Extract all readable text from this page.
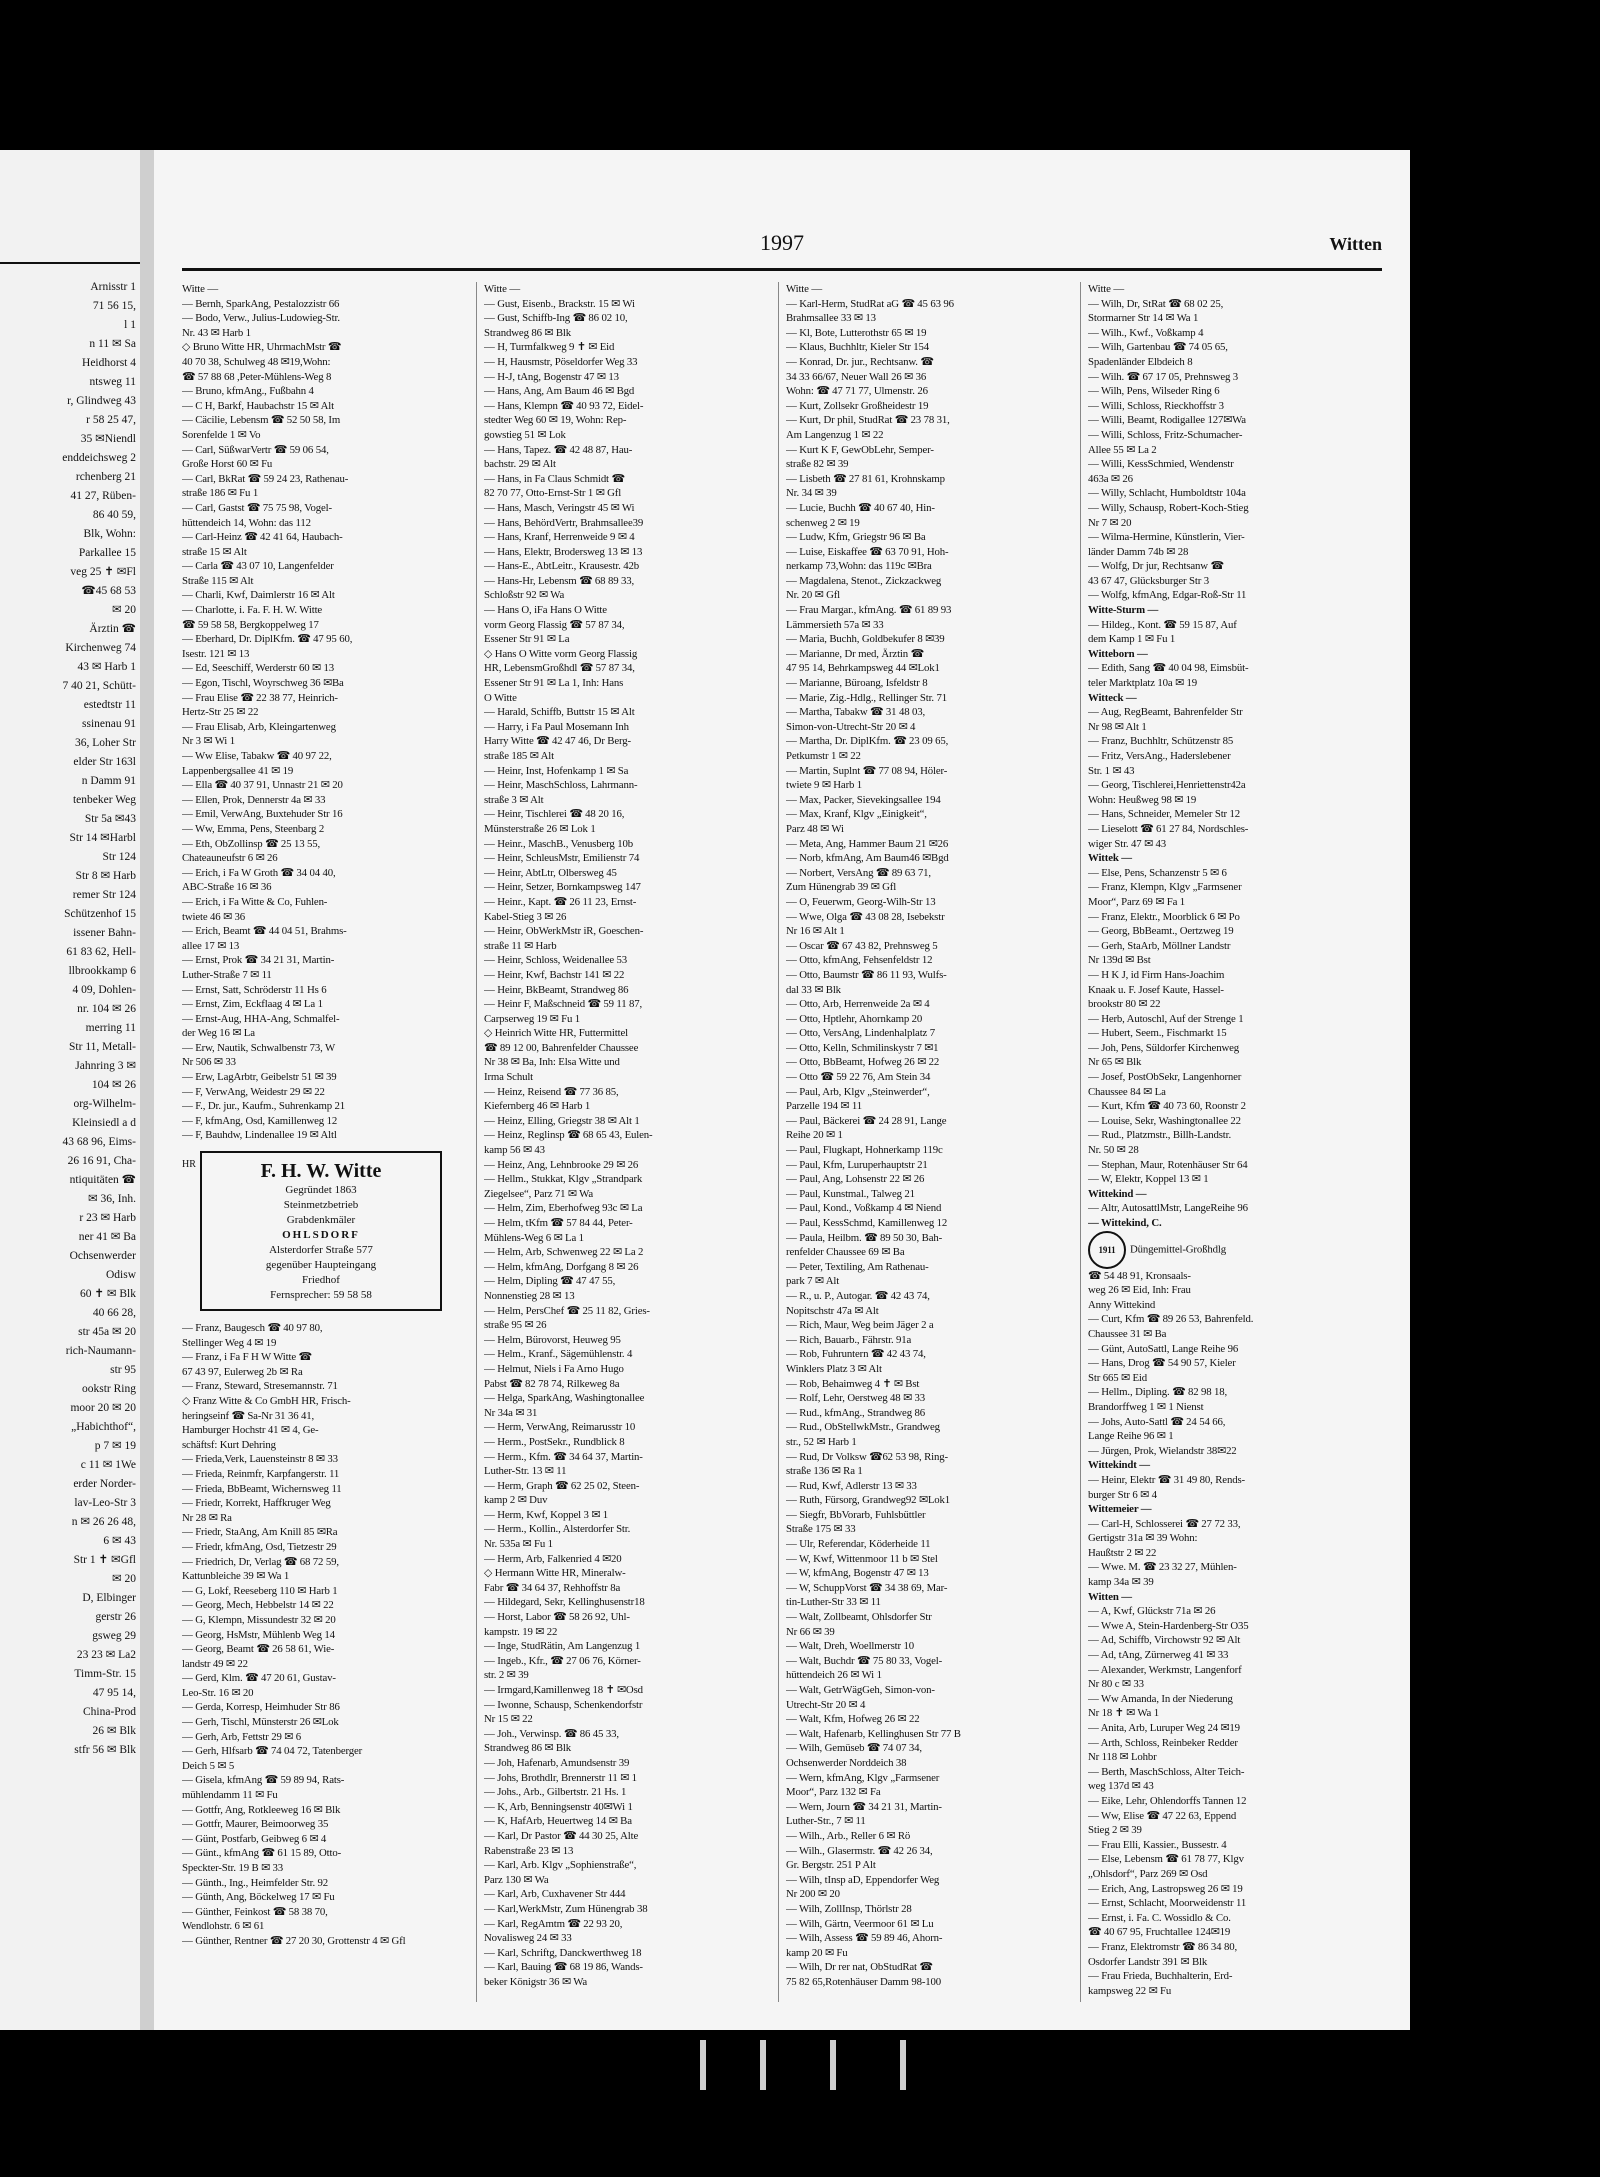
Arnisstr 1
71 56 15,
l 1
n 11 ✉ Sa
Heidhorst 4
ntsweg 11
r, Glindweg 43
r 58 25 47,
35 ✉Niendl
enddeichsweg 2
rchenberg 21
41 27, Rüben-
86 40 59,
Blk, Wohn:
Parkallee 15
veg 25 ✝ ✉Fl
☎45 68 53
✉ 20
Ärztin ☎
Kirchenweg 74
43 ✉ Harb 1
7 40 21, Schütt-
estedtstr 11
ssinenau 91
36, Loher Str
elder Str 163l
n Damm 91
tenbeker Weg
Str 5a ✉43
Str 14 ✉Harbl
Str 124
Str 8 ✉ Harb
remer Str 124
Schützenhof 15
issener Bahn-
61 83 62, Hell-
llbrookkamp 6
4 09, Dohlen-
nr. 104 ✉ 26
merring 11
Str 11, Metall-
Jahnring 3 ✉
104 ✉ 26
org-Wilhelm-
Kleinsiedl a d
43 68 96, Eims-
26 16 91, Cha-
ntiquitäten ☎
✉ 36, Inh.
r 23 ✉ Harb
ner 41 ✉ Ba
Ochsenwerder
Odisw
60 ✝ ✉ Blk
40 66 28,
str 45a ✉ 20
rich-Naumann-
str 95
ookstr Ring
moor 20 ✉ 20
„Habichthof“,
p 7 ✉ 19
c 11 ✉ 1We
erder Norder-
lav-Leo-Str 3
n ✉ 26 26 48,
6 ✉ 43
Str 1 ✝ ✉Gfl
✉ 20
D, Elbinger
gerstr 26
gsweg 29
23 23 ✉ La2
Timm-Str. 15
47 95 14,
China-Prod
26 ✉ Blk
stfr 56 ✉ Blk
1997	Witten
Witte —
— Bernh, SparkAng, Pestalozzistr 66
— Bodo, Verw., Julius-Ludowieg-Str.
Nr. 43 ✉ Harb 1
◇ Bruno Witte HR, UhrmachMstr ☎
40 70 38, Schulweg 48 ✉19,Wohn:
☎ 57 88 68 ,Peter-Mühlens-Weg 8
— Bruno, kfmAng., Fußbahn 4
— C H, Barkf, Haubachstr 15 ✉ Alt
— Cäcilie, Lebensm ☎ 52 50 58, Im
Sorenfelde 1 ✉ Vo
— Carl, SüßwarVertr ☎ 59 06 54,
Große Horst 60 ✉ Fu
— Carl, BkRat ☎ 59 24 23, Rathenau-
straße 186 ✉ Fu 1
— Carl, Gastst ☎ 75 75 98, Vogel-
hüttendeich 14, Wohn: das 112
— Carl-Heinz ☎ 42 41 64, Haubach-
straße 15 ✉ Alt
— Carla ☎ 43 07 10, Langenfelder
Straße 115 ✉ Alt
— Charli, Kwf, Daimlerstr 16 ✉ Alt
— Charlotte, i. Fa. F. H. W. Witte
☎ 59 58 58, Bergkoppelweg 17
— Eberhard, Dr. DiplKfm. ☎ 47 95 60,
Isestr. 121 ✉ 13
— Ed, Seeschiff, Werderstr 60 ✉ 13
— Egon, Tischl, Woyrschweg 36 ✉Ba
— Frau Elise ☎ 22 38 77, Heinrich-
Hertz-Str 25 ✉ 22
— Frau Elisab, Arb, Kleingartenweg
Nr 3 ✉ Wi 1
— Ww Elise, Tabakw ☎ 40 97 22,
Lappenbergsallee 41 ✉ 19
— Ella ☎ 40 37 91, Unnastr 21 ✉ 20
— Ellen, Prok, Dennerstr 4a ✉ 33
— Emil, VerwAng, Buxtehuder Str 16
— Ww, Emma, Pens, Steenbarg 2
— Eth, ObZollinsp ☎ 25 13 55,
Chateauneufstr 6 ✉ 26
— Erich, i Fa W Groth ☎ 34 04 40,
ABC-Straße 16 ✉ 36
— Erich, i Fa Witte & Co, Fuhlen-
twiete 46 ✉ 36
— Erich, Beamt ☎ 44 04 51, Brahms-
allee 17 ✉ 13
— Ernst, Prok ☎ 34 21 31, Martin-
Luther-Straße 7 ✉ 11
— Ernst, Satt, Schröderstr 11 Hs 6
— Ernst, Zim, Eckflaag 4 ✉ La 1
— Ernst-Aug, HHA-Ang, Schmalfel-
der Weg 16 ✉ La
— Erw, Nautik, Schwalbenstr 73, W
Nr 506 ✉ 33
— Erw, LagArbtr, Geibelstr 51 ✉ 39
— F, VerwAng, Weidestr 29 ✉ 22
— F., Dr. jur., Kaufm., Suhrenkamp 21
— F, kfmAng, Osd, Kamillenweg 12
— F, Bauhdw, Lindenallee 19 ✉ Altl
HR	F. H. W. Witte
Gegründet 1863
Steinmetzbetrieb
Grabdenkmäler
OHLSDORF
Alsterdorfer Straße 577
gegenüber Haupteingang
Friedhof
Fernsprecher: 59 58 58
— Franz, Baugesch ☎ 40 97 80,
Stellinger Weg 4 ✉ 19
— Franz, i Fa F H W Witte ☎
67 43 97, Eulerweg 2b ✉ Ra
— Franz, Steward, Stresemannstr. 71
◇ Franz Witte & Co GmbH HR, Frisch-
heringseinf ☎ Sa-Nr 31 36 41,
Hamburger Hochstr 41 ✉ 4, Ge-
schäftsf: Kurt Dehring
— Frieda,Verk, Lauensteinstr 8 ✉ 33
— Frieda, Reinmfr, Karpfangerstr. 11
— Frieda, BbBeamt, Wichernsweg 11
— Friedr, Korrekt, Haffkruger Weg
Nr 28 ✉ Ra
— Friedr, StaAng, Am Knill 85 ✉Ra
— Friedr, kfmAng, Osd, Tietzestr 29
— Friedrich, Dr, Verlag ☎ 68 72 59,
Kattunbleiche 39 ✉ Wa 1
— G, Lokf, Reeseberg 110 ✉ Harb 1
— Georg, Mech, Hebbelstr 14 ✉ 22
— G, Klempn, Missundestr 32 ✉ 20
— Georg, HsMstr, Mühlenb Weg 14
— Georg, Beamt ☎ 26 58 61, Wie-
landstr 49 ✉ 22
— Gerd, Klm. ☎ 47 20 61, Gustav-
Leo-Str. 16 ✉ 20
— Gerda, Korresp, Heimhuder Str 86
— Gerh, Tischl, Münsterstr 26 ✉Lok
— Gerh, Arb, Fettstr 29 ✉ 6
— Gerh, Hlfsarb ☎ 74 04 72, Tatenberger
Deich 5 ✉ 5
— Gisela, kfmAng ☎ 59 89 94, Rats-
mühlendamm 11 ✉ Fu
— Gottfr, Ang, Rotkleeweg 16 ✉ Blk
— Gottfr, Maurer, Beimoorweg 35
— Günt, Postfarb, Geibweg 6 ✉ 4
— Günt., kfmAng ☎ 61 15 89, Otto-
Speckter-Str. 19 B ✉ 33
— Günth., Ing., Heimfelder Str. 92
— Günth, Ang, Böckelweg 17 ✉ Fu
— Günther, Feinkost ☎ 58 38 70,
Wendlohstr. 6 ✉ 61
— Günther, Rentner ☎ 27 20 30, Grottenstr 4 ✉ Gfl
Witte —
— Gust, Eisenb., Brackstr. 15 ✉ Wi
— Gust, Schiffb-Ing ☎ 86 02 10,
Strandweg 86 ✉ Blk
— H, Turmfalkweg 9 ✝ ✉ Eid
— H, Hausmstr, Pöseldorfer Weg 33
— H-J, tAng, Bogenstr 47 ✉ 13
— Hans, Ang, Am Baum 46 ✉ Bgd
— Hans, Klempn ☎ 40 93 72, Eidel-
stedter Weg 60 ✉ 19, Wohn: Rep-
gowstieg 51 ✉ Lok
— Hans, Tapez. ☎ 42 48 87, Hau-
bachstr. 29 ✉ Alt
— Hans, in Fa Claus Schmidt ☎
82 70 77, Otto-Ernst-Str 1 ✉ Gfl
— Hans, Masch, Veringstr 45 ✉ Wi
— Hans, BehördVertr, Brahmsallee39
— Hans, Kranf, Herrenweide 9 ✉ 4
— Hans, Elektr, Brodersweg 13 ✉ 13
— Hans-E., AbtLeitr., Krausestr. 42b
— Hans-Hr, Lebensm ☎ 68 89 33,
Schloßstr 92 ✉ Wa
— Hans O, iFa Hans O Witte
vorm Georg Flassig ☎ 57 87 34,
Essener Str 91 ✉ La
◇ Hans O Witte vorm Georg Flassig
HR, LebensmGroßhdl ☎ 57 87 34,
Essener Str 91 ✉ La 1, Inh: Hans
O Witte
— Harald, Schiffb, Buttstr 15 ✉ Alt
— Harry, i Fa Paul Mosemann Inh
Harry Witte ☎ 42 47 46, Dr Berg-
straße 185 ✉ Alt
— Heinr, Inst, Hofenkamp 1 ✉ Sa
— Heinr, MaschSchloss, Lahrmann-
straße 3 ✉ Alt
— Heinr, Tischlerei ☎ 48 20 16,
Münsterstraße 26 ✉ Lok 1
— Heinr., MaschB., Venusberg 10b
— Heinr, SchleusMstr, Emilienstr 74
— Heinr, AbtLtr, Olbersweg 45
— Heinr, Setzer, Bornkampsweg 147
— Heinr., Kapt. ☎ 26 11 23, Ernst-
Kabel-Stieg 3 ✉ 26
— Heinr, ObWerkMstr iR, Goeschen-
straße 11 ✉ Harb
— Heinr, Schloss, Weidenallee 53
— Heinr, Kwf, Bachstr 141 ✉ 22
— Heinr, BkBeamt, Strandweg 86
— Heinr F, Maßschneid ☎ 59 11 87,
Carpserweg 19 ✉ Fu 1
◇ Heinrich Witte HR, Futtermittel
☎ 89 12 00, Bahrenfelder Chaussee
Nr 38 ✉ Ba, Inh: Elsa Witte und
Irma Schult
— Heinz, Reisend ☎ 77 36 85,
Kiefernberg 46 ✉ Harb 1
— Heinz, Elling, Griegstr 38 ✉ Alt 1
— Heinz, Reglinsp ☎ 68 65 43, Eulen-
kamp 56 ✉ 43
— Heinz, Ang, Lehnbrooke 29 ✉ 26
— Hellm., Stukkat, Klgv „Strandpark
Ziegelsee“, Parz 71 ✉ Wa
— Helm, Zim, Eberhofweg 93c ✉ La
— Helm, tKfm ☎ 57 84 44, Peter-
Mühlens-Weg 6 ✉ La 1
— Helm, Arb, Schwenweg 22 ✉ La 2
— Helm, kfmAng, Dorfgang 8 ✉ 26
— Helm, Dipling ☎ 47 47 55,
Nonnenstieg 28 ✉ 13
— Helm, PersChef ☎ 25 11 82, Gries-
straße 95 ✉ 26
— Helm, Bürovorst, Heuweg 95
— Helm., Kranf., Sägemühlenstr. 4
— Helmut, Niels i Fa Arno Hugo
Pabst ☎ 82 78 74, Rilkeweg 8a
— Helga, SparkAng, Washingtonallee
Nr 34a ✉ 31
— Herm, VerwAng, Reimarusstr 10
— Herm., PostSekr., Rundblick 8
— Herm., Kfm. ☎ 34 64 37, Martin-
Luther-Str. 13 ✉ 11
— Herm, Graph ☎ 62 25 02, Steen-
kamp 2 ✉ Duv
— Herm, Kwf, Koppel 3 ✉ 1
— Herm., Kollin., Alsterdorfer Str.
Nr. 535a ✉ Fu 1
— Herm, Arb, Falkenried 4 ✉20
◇ Hermann Witte HR, Mineralw-
Fabr ☎ 34 64 37, Rehhoffstr 8a
— Hildegard, Sekr, Kellinghusenstr18
— Horst, Labor ☎ 58 26 92, Uhl-
kampstr. 19 ✉ 22
— Inge, StudRätin, Am Langenzug 1
— Ingeb., Kfr., ☎ 27 06 76, Körner-
str. 2 ✉ 39
— Irmgard,Kamillenweg 18 ✝ ✉Osd
— Iwonne, Schausp, Schenkendorfstr
Nr 15 ✉ 22
— Joh., Verwinsp. ☎ 86 45 33,
Strandweg 86 ✉ Blk
— Joh, Hafenarb, Amundsenstr 39
— Johs, Brothdlr, Brennerstr 11 ✉ 1
— Johs., Arb., Gilbertstr. 21 Hs. 1
— K, Arb, Benningsenstr 40✉Wi 1
— K, HafArb, Heuertweg 14 ✉ Ba
— Karl, Dr Pastor ☎ 44 30 25, Alte
Rabenstraße 23 ✉ 13
— Karl, Arb. Klgv „Sophienstraße“,
Parz 130 ✉ Wa
— Karl, Arb, Cuxhavener Str 444
— Karl,WerkMstr, Zum Hünengrab 38
— Karl, RegAmtm ☎ 22 93 20,
Novalisweg 24 ✉ 33
— Karl, Schriftg, Danckwerthweg 18
— Karl, Bauing ☎ 68 19 86, Wands-
beker Königstr 36 ✉ Wa
Witte —
— Karl-Herm, StudRat aG ☎ 45 63 96
Brahmsallee 33 ✉ 13
— Kl, Bote, Lutterothstr 65 ✉ 19
— Klaus, Buchhltr, Kieler Str 154
— Konrad, Dr. jur., Rechtsanw. ☎
34 33 66/67, Neuer Wall 26 ✉ 36
Wohn: ☎ 47 71 77, Ulmenstr. 26
— Kurt, Zollsekr Großheidestr 19
— Kurt, Dr phil, StudRat ☎ 23 78 31,
Am Langenzug 1 ✉ 22
— Kurt K F, GewObLehr, Semper-
straße 82 ✉ 39
— Lisbeth ☎ 27 81 61, Krohnskamp
Nr. 34 ✉ 39
— Lucie, Buchh ☎ 40 67 40, Hin-
schenweg 2 ✉ 19
— Ludw, Kfm, Griegstr 96 ✉ Ba
— Luise, Eiskaffee ☎ 63 70 91, Hoh-
nerkamp 73,Wohn: das 119c ✉Bra
— Magdalena, Stenot., Zickzackweg
Nr. 20 ✉ Gfl
— Frau Margar., kfmAng. ☎ 61 89 93
Lämmersieth 57a ✉ 33
— Maria, Buchh, Goldbekufer 8 ✉39
— Marianne, Dr med, Ärztin ☎
47 95 14, Behrkampsweg 44 ✉Lok1
— Marianne, Büroang, Isfeldstr 8
— Marie, Zig.-Hdlg., Rellinger Str. 71
— Martha, Tabakw ☎ 31 48 03,
Simon-von-Utrecht-Str 20 ✉ 4
— Martha, Dr. DiplKfm. ☎ 23 09 65,
Petkumstr 1 ✉ 22
— Martin, Suplnt ☎ 77 08 94, Höler-
twiete 9 ✉ Harb 1
— Max, Packer, Sievekingsallee 194
— Max, Kranf, Klgv „Einigkeit“,
Parz 48 ✉ Wi
— Meta, Ang, Hammer Baum 21 ✉26
— Norb, kfmAng, Am Baum46 ✉Bgd
— Norbert, VersAng ☎ 89 63 71,
Zum Hünengrab 39 ✉ Gfl
— O, Feuerwm, Georg-Wilh-Str 13
— Wwe, Olga ☎ 43 08 28, Isebekstr
Nr 16 ✉ Alt 1
— Oscar ☎ 67 43 82, Prehnsweg 5
— Otto, kfmAng, Fehsenfeldstr 12
— Otto, Baumstr ☎ 86 11 93, Wulfs-
dal 33 ✉ Blk
— Otto, Arb, Herrenweide 2a ✉ 4
— Otto, Hptlehr, Ahornkamp 20
— Otto, VersAng, Lindenhalplatz 7
— Otto, Kelln, Schmilinskystr 7 ✉1
— Otto, BbBeamt, Hofweg 26 ✉ 22
— Otto ☎ 59 22 76, Am Stein 34
— Paul, Arb, Klgv „Steinwerder“,
Parzelle 194 ✉ 11
— Paul, Bäckerei ☎ 24 28 91, Lange
Reihe 20 ✉ 1
— Paul, Flugkapt, Hohnerkamp 119c
— Paul, Kfm, Luruperhauptstr 21
— Paul, Ang, Lohsenstr 22 ✉ 26
— Paul, Kunstmal., Talweg 21
— Paul, Kond., Voßkamp 4 ✉ Niend
— Paul, KessSchmd, Kamillenweg 12
— Paula, Heilbm. ☎ 89 50 30, Bah-
renfelder Chaussee 69 ✉ Ba
— Peter, Textiling, Am Rathenau-
park 7 ✉ Alt
— R., u. P., Autogar. ☎ 42 43 74,
Nopitschstr 47a ✉ Alt
— Rich, Maur, Weg beim Jäger 2 a
— Rich, Bauarb., Fährstr. 91a
— Rob, Fuhruntern ☎ 42 43 74,
Winklers Platz 3 ✉ Alt
— Rob, Behaimweg 4 ✝ ✉ Bst
— Rolf, Lehr, Oerstweg 48 ✉ 33
— Rud., kfmAng., Strandweg 86
— Rud., ObStellwkMstr., Grandweg
str., 52 ✉ Harb 1
— Rud, Dr Volksw ☎62 53 98, Ring-
straße 136 ✉ Ra 1
— Rud, Kwf, Adlerstr 13 ✉ 33
— Ruth, Fürsorg, Grandweg92 ✉Lok1
— Siegfr, BbVorarb, Fuhlsbüttler
Straße 175 ✉ 33
— Ulr, Referendar, Köderheide 11
— W, Kwf, Wittenmoor 11 b ✉ Stel
— W, kfmAng, Bogenstr 47 ✉ 13
— W, SchuppVorst ☎ 34 38 69, Mar-
tin-Luther-Str 33 ✉ 11
— Walt, Zollbeamt, Ohlsdorfer Str
Nr 66 ✉ 39
— Walt, Dreh, Woellmerstr 10
— Walt, Buchdr ☎ 75 80 33, Vogel-
hüttendeich 26 ✉ Wi 1
— Walt, GetrWägGeh, Simon-von-
Utrecht-Str 20 ✉ 4
— Walt, Kfm, Hofweg 26 ✉ 22
— Walt, Hafenarb, Kellinghusen Str 77 B
— Wilh, Gemüseb ☎ 74 07 34,
Ochsenwerder Norddeich 38
— Wern, kfmAng, Klgv „Farmsener
Moor“, Parz 132 ✉ Fa
— Wern, Journ ☎ 34 21 31, Martin-
Luther-Str., 7 ✉ 11
— Wilh., Arb., Reller 6 ✉ Rö
— Wilh., Glasermstr. ☎ 42 26 34,
Gr. Bergstr. 251 P Alt
— Wilh, tInsp aD, Eppendorfer Weg
Nr 200 ✉ 20
— Wilh, ZollInsp, Thörlstr 28
— Wilh, Gärtn, Veermoor 61 ✉ Lu
— Wilh, Assess ☎ 59 89 46, Ahorn-
kamp 20 ✉ Fu
— Wilh, Dr rer nat, ObStudRat ☎
75 82 65,Rotenhäuser Damm 98-100
Witte —
— Wilh, Dr, StRat ☎ 68 02 25,
Stormarner Str 14 ✉ Wa 1
— Wilh., Kwf., Voßkamp 4
— Wilh, Gartenbau ☎ 74 05 65,
Spadenländer Elbdeich 8
— Wilh. ☎ 67 17 05, Prehnsweg 3
— Wilh, Pens, Wilseder Ring 6
— Willi, Schloss, Rieckhoffstr 3
— Willi, Beamt, Rodigallee 127✉Wa
— Willi, Schloss, Fritz-Schumacher-
Allee 55 ✉ La 2
— Willi, KessSchmied, Wendenstr
463a ✉ 26
— Willy, Schlacht, Humboldtstr 104a
— Willy, Schausp, Robert-Koch-Stieg
Nr 7 ✉ 20
— Wilma-Hermine, Künstlerin, Vier-
länder Damm 74b ✉ 28
— Wolfg, Dr jur, Rechtsanw ☎
43 67 47, Glücksburger Str 3
— Wolfg, kfmAng, Edgar-Roß-Str 11
Witte-Sturm —
— Hildeg., Kont. ☎ 59 15 87, Auf
dem Kamp 1 ✉ Fu 1
Witteborn —
— Edith, Sang ☎ 40 04 98, Eimsbüt-
teler Marktplatz 10a ✉ 19
Witteck —
— Aug, RegBeamt, Bahrenfelder Str
Nr 98 ✉ Alt 1
— Franz, Buchhltr, Schützenstr 85
— Fritz, VersAng., Haderslebener
Str. 1 ✉ 43
— Georg, Tischlerei,Henriettenstr42a
Wohn: Heußweg 98 ✉ 19
— Hans, Schneider, Memeler Str 12
— Lieselott ☎ 61 27 84, Nordschles-
wiger Str. 47 ✉ 43
Wittek —
— Else, Pens, Schanzenstr 5 ✉ 6
— Franz, Klempn, Klgv „Farmsener
Moor“, Parz 69 ✉ Fa 1
— Franz, Elektr., Moorblick 6 ✉ Po
— Georg, BbBeamt., Oertzweg 19
— Gerh, StaArb, Möllner Landstr
Nr 139d ✉ Bst
— H K J, id Firm Hans-Joachim
Knaak u. F. Josef Kaute, Hassel-
brookstr 80 ✉ 22
— Herb, Autoschl, Auf der Strenge 1
— Hubert, Seem., Fischmarkt 15
— Joh, Pens, Süldorfer Kirchenweg
Nr 65 ✉ Blk
— Josef, PostObSekr, Langenhorner
Chaussee 84 ✉ La
— Kurt, Kfm ☎ 40 73 60, Roonstr 2
— Louise, Sekr, Washingtonallee 22
— Rud., Platzmstr., Billh-Landstr.
Nr. 50 ✉ 28
— Stephan, Maur, Rotenhäuser Str 64
— W, Elektr, Koppel 13 ✉ 1
Wittekind —
— Altr, AutosattlMstr, LangeReihe 96
— Wittekind, C.
1911 Düngemittel-Großhdlg
☎ 54 48 91, Kronsaals-
weg 26 ✉ Eid, Inh: Frau
Anny Wittekind
— Curt, Kfm ☎ 89 26 53, Bahrenfeld.
Chaussee 31 ✉ Ba
— Günt, AutoSattl, Lange Reihe 96
— Hans, Drog ☎ 54 90 57, Kieler
Str 665 ✉ Eid
— Hellm., Dipling. ☎ 82 98 18,
Brandorffweg 1 ✉ 1 Nienst
— Johs, Auto-Sattl ☎ 24 54 66,
Lange Reihe 96 ✉ 1
— Jürgen, Prok, Wielandstr 38✉22
Wittekindt —
— Heinr, Elektr ☎ 31 49 80, Rends-
burger Str 6 ✉ 4
Wittemeier —
— Carl-H, Schlosserei ☎ 27 72 33,
Gertigstr 31a ✉ 39 Wohn:
Haußtstr 2 ✉ 22
— Wwe. M. ☎ 23 32 27, Mühlen-
kamp 34a ✉ 39
Witten —
— A, Kwf, Glückstr 71a ✉ 26
— Wwe A, Stein-Hardenberg-Str O35
— Ad, Schiffb, Virchowstr 92 ✉ Alt
— Ad, tAng, Zürnerweg 41 ✉ 33
— Alexander, Werkmstr, Langenforf
Nr 80 c ✉ 33
— Ww Amanda, In der Niederung
Nr 18 ✝ ✉ Wa 1
— Anita, Arb, Luruper Weg 24 ✉19
— Arth, Schloss, Reinbeker Redder
Nr 118 ✉ Lohbr
— Berth, MaschSchloss, Alter Teich-
weg 137d ✉ 43
— Eike, Lehr, Ohlendorffs Tannen 12
— Ww, Elise ☎ 47 22 63, Eppend
Stieg 2 ✉ 39
— Frau Elli, Kassier., Bussestr. 4
— Else, Lebensm ☎ 61 78 77, Klgv
„Ohlsdorf“, Parz 269 ✉ Osd
— Erich, Ang, Lastropsweg 26 ✉ 19
— Ernst, Schlacht, Moorweidenstr 11
— Ernst, i. Fa. C. Wossidlo & Co.
☎ 40 67 95, Fruchtallee 124✉19
— Franz, Elektromstr ☎ 86 34 80,
Osdorfer Landstr 391 ✉ Blk
— Frau Frieda, Buchhalterin, Erd-
kampsweg 22 ✉ Fu
